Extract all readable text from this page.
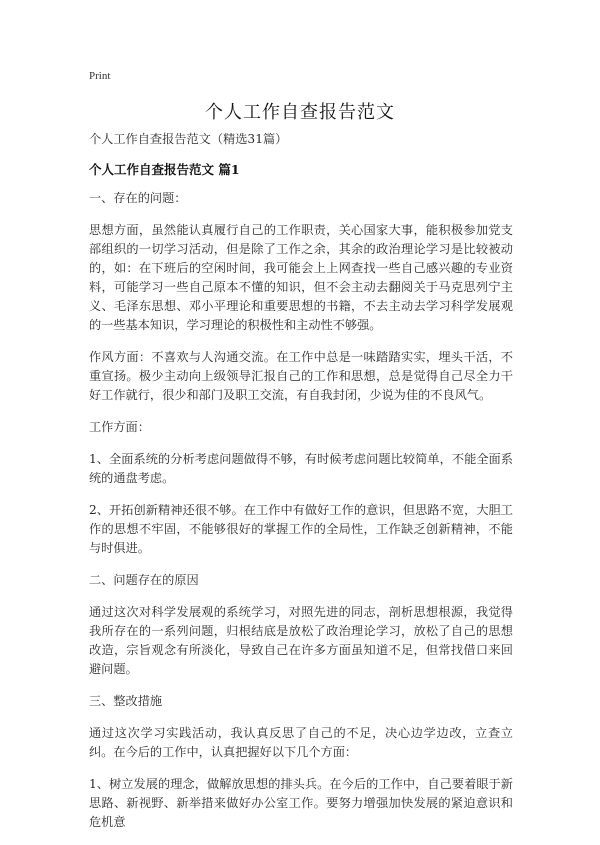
Print
个人工作自查报告范文
个人工作自查报告范文（精选31篇）
个人工作自查报告范文 篇1
一、存在的问题：
思想方面，虽然能认真履行自己的工作职责，关心国家大事，能积极参加党支部组织的一切学习活动，但是除了工作之余，其余的政治理论学习是比较被动的，如：在下班后的空闲时间，我可能会上上网查找一些自己感兴趣的专业资料，可能学习一些自己原本不懂的知识，但不会主动去翻阅关于马克思列宁主义、毛泽东思想、邓小平理论和重要思想的书籍，不去主动去学习科学发展观的一些基本知识，学习理论的积极性和主动性不够强。
作风方面：不喜欢与人沟通交流。在工作中总是一味踏踏实实，埋头干活，不重宣扬。极少主动向上级领导汇报自己的工作和思想，总是觉得自己尽全力干好工作就行，很少和部门及职工交流，有自我封闭，少说为佳的不良风气。
工作方面：
1、全面系统的分析考虑问题做得不够，有时候考虑问题比较简单，不能全面系统的通盘考虑。
2、开拓创新精神还很不够。在工作中有做好工作的意识，但思路不宽，大胆工作的思想不牢固，不能够很好的掌握工作的全局性，工作缺乏创新精神，不能与时俱进。
二、问题存在的原因
通过这次对科学发展观的系统学习，对照先进的同志，剖析思想根源，我觉得我所存在的一系列问题，归根结底是放松了政治理论学习，放松了自己的思想改造，宗旨观念有所淡化，导致自己在许多方面虽知道不足，但常找借口来回避问题。
三、整改措施
通过这次学习实践活动，我认真反思了自己的不足，决心边学边改，立查立纠。在今后的工作中，认真把握好以下几个方面：
1、树立发展的理念，做解放思想的排头兵。在今后的工作中，自己要着眼于新思路、新视野、新举措来做好办公室工作。要努力增强加快发展的紧迫意识和危机意
